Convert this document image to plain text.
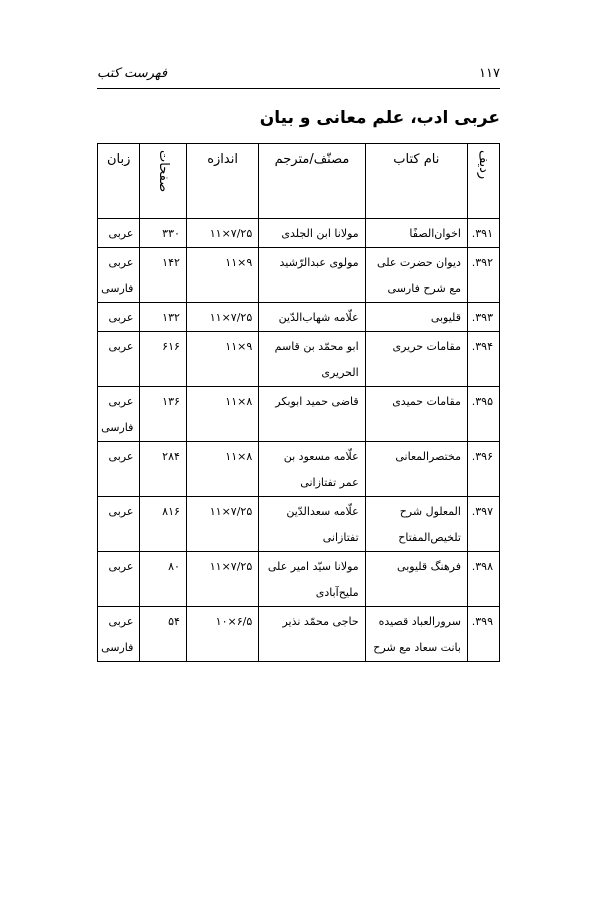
۱۱۷
فهرست کتب
عربی ادب، علم معانی و بیان
ردیف	نام کتاب	مصنّف/مترجم	اندازه	صفحات	زبان
۳۹۱.	اخوان‌الصفًا	مولانا ابن الجلدی	۱۱×۷/۲۵	۳۳۰	عربی
۳۹۲.	دیوان حضرت علی مع شرح فارسی	مولوی عبدالرّشید	۱۱×۹	۱۴۲	عربی فارسی
۳۹۳.	قلیوبی	علّامه شهاب‌الدّین	۱۱×۷/۲۵	۱۳۲	عربی
۳۹۴.	مقامات حریری	ابو محمّد بن قاسم الحریری	۱۱×۹	۶۱۶	عربی
۳۹۵.	مقامات حمیدی	قاضی حمید ابوبکر	۱۱×۸	۱۳۶	عربی فارسی
۳۹۶.	مختصرالمعانی	علّامه مسعود بن عمر تفتازانی	۱۱×۸	۲۸۴	عربی
۳۹۷.	المعلول شرح تلخیص‌المفتاح	علّامه سعدالدّین تفتازانی	۱۱×۷/۲۵	۸۱۶	عربی
۳۹۸.	فرهنگ قلیوبی	مولانا سیّد امیر علی ملیح‌آبادی	۱۱×۷/۲۵	۸۰	عربی
۳۹۹.	سرورالعباد قصیده بانت سعاد مع شرح	حاجی محمّد نذیر	۱۰×۶/۵	۵۴	عربی فارسی
